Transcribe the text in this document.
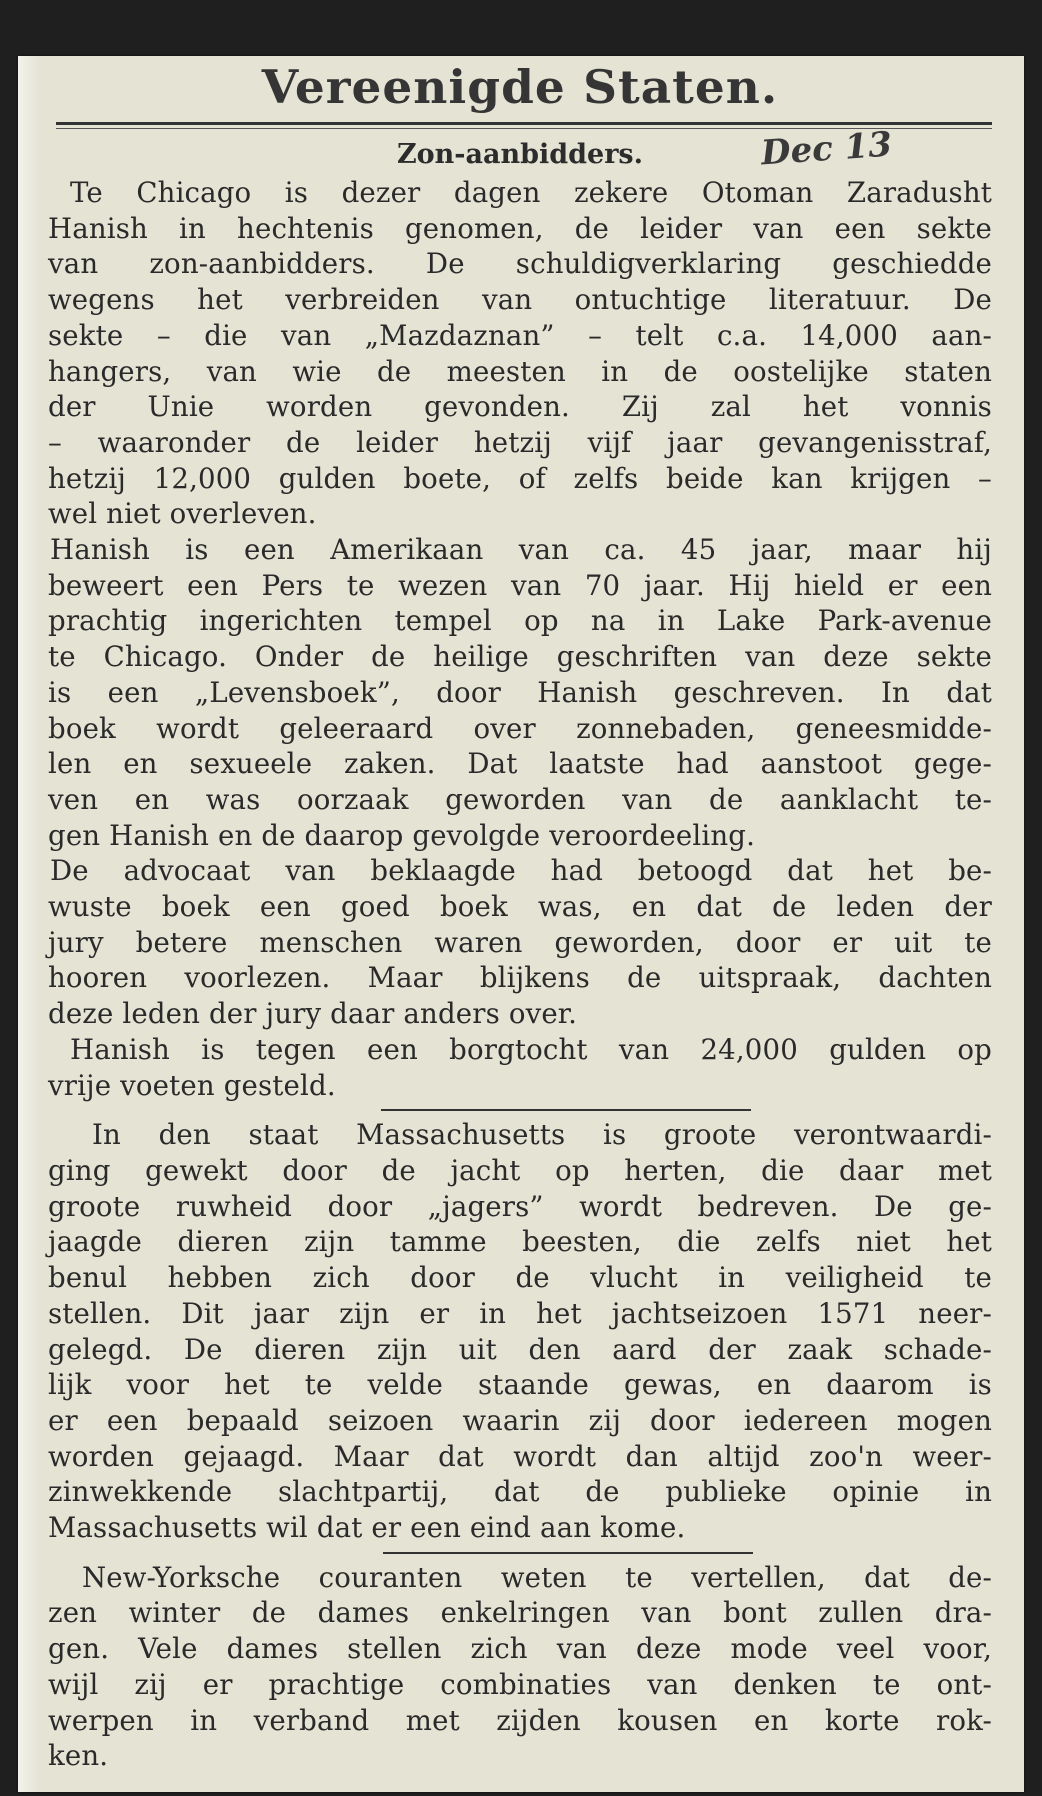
Vereenigde Staten.
Zon-aanbidders.	Dec 13
Te Chicago is dezer dagen zekere Otoman Zaradusht
Hanish in hechtenis genomen, de leider van een sekte
van zon-aanbidders. De schuldigverklaring geschiedde
wegens het verbreiden van ontuchtige literatuur. De
sekte – die van „Mazdaznan” – telt c.a. 14,000 aan-
hangers, van wie de meesten in de oostelijke staten
der Unie worden gevonden. Zij zal het vonnis
– waaronder de leider hetzij vijf jaar gevangenisstraf,
hetzij 12,000 gulden boete, of zelfs beide kan krijgen –
wel niet overleven.
Hanish is een Amerikaan van ca. 45 jaar, maar hij
beweert een Pers te wezen van 70 jaar. Hij hield er een
prachtig ingerichten tempel op na in Lake Park-avenue
te Chicago. Onder de heilige geschriften van deze sekte
is een „Levensboek”, door Hanish geschreven. In dat
boek wordt geleeraard over zonnebaden, geneesmidde-
len en sexueele zaken. Dat laatste had aanstoot gege-
ven en was oorzaak geworden van de aanklacht te-
gen Hanish en de daarop gevolgde veroordeeling.
De advocaat van beklaagde had betoogd dat het be-
wuste boek een goed boek was, en dat de leden der
jury betere menschen waren geworden, door er uit te
hooren voorlezen. Maar blijkens de uitspraak, dachten
deze leden der jury daar anders over.
Hanish is tegen een borgtocht van 24,000 gulden op
vrije voeten gesteld.
In den staat Massachusetts is groote verontwaardi-
ging gewekt door de jacht op herten, die daar met
groote ruwheid door „jagers” wordt bedreven. De ge-
jaagde dieren zijn tamme beesten, die zelfs niet het
benul hebben zich door de vlucht in veiligheid te
stellen. Dit jaar zijn er in het jachtseizoen 1571 neer-
gelegd. De dieren zijn uit den aard der zaak schade-
lijk voor het te velde staande gewas, en daarom is
er een bepaald seizoen waarin zij door iedereen mogen
worden gejaagd. Maar dat wordt dan altijd zoo'n weer-
zinwekkende slachtpartij, dat de publieke opinie in
Massachusetts wil dat er een eind aan kome.
New-Yorksche couranten weten te vertellen, dat de-
zen winter de dames enkelringen van bont zullen dra-
gen. Vele dames stellen zich van deze mode veel voor,
wijl zij er prachtige combinaties van denken te ont-
werpen in verband met zijden kousen en korte rok-
ken.
